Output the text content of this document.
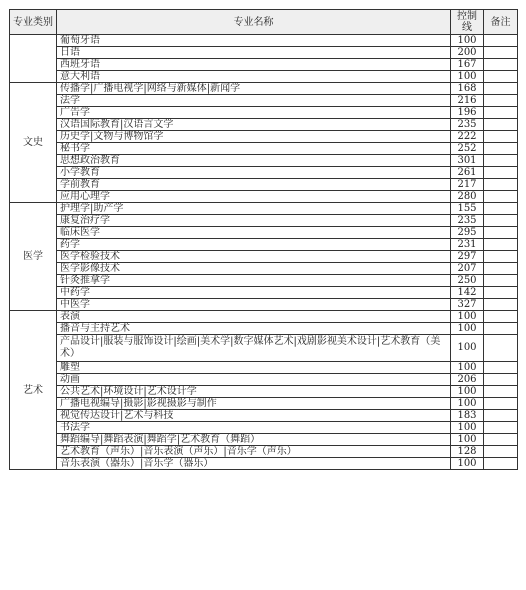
专业类别	专业名称	控制线	备注
	葡萄牙语	100	
	日语	200	
	西班牙语	167	
	意大利语	100	
文史	传播学|广播电视学|网络与新媒体|新闻学	168	
	法学	216	
	广告学	196	
	汉语国际教育|汉语言文学	235	
	历史学|文物与博物馆学	222	
	秘书学	252	
	思想政治教育	301	
	小学教育	261	
	学前教育	217	
	应用心理学	280	
医学	护理学|助产学	155	
	康复治疗学	235	
	临床医学	295	
	药学	231	
	医学检验技术	297	
	医学影像技术	207	
	针灸推拿学	250	
	中药学	142	
	中医学	327	
艺术	表演	100	
	播音与主持艺术	100	
	产品设计|服装与服饰设计|绘画|美术学|数字媒体艺术|戏剧影视美术设计|艺术教育（美术）	100	
	雕塑	100	
	动画	206	
	公共艺术|环境设计|艺术设计学	100	
	广播电视编导|摄影|影视摄影与制作	100	
	视觉传达设计|艺术与科技	183	
	书法学	100	
	舞蹈编导|舞蹈表演|舞蹈学|艺术教育（舞蹈）	100	
	艺术教育（声乐）|音乐表演（声乐）|音乐学（声乐）	128	
	音乐表演（器乐）|音乐学（器乐）	100	
